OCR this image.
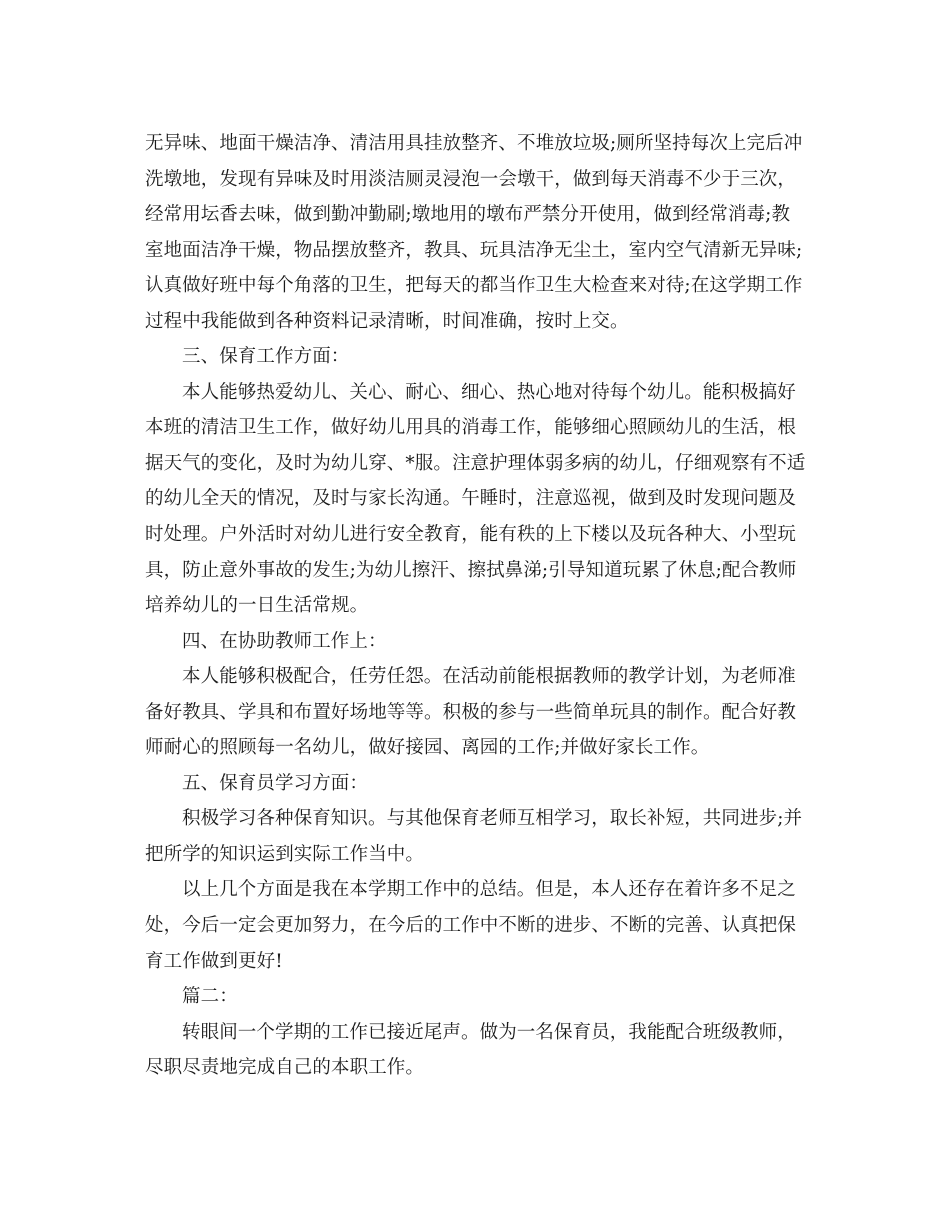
无异味、地面干燥洁净、清洁用具挂放整齐、不堆放垃圾;厕所坚持每次上完后冲
洗墩地，发现有异味及时用淡洁厕灵浸泡一会墩干，做到每天消毒不少于三次，
经常用坛香去味，做到勤冲勤刷;墩地用的墩布严禁分开使用，做到经常消毒;教
室地面洁净干燥，物品摆放整齐，教具、玩具洁净无尘土，室内空气清新无异味;
认真做好班中每个角落的卫生，把每天的都当作卫生大检查来对待;在这学期工作
过程中我能做到各种资料记录清晰，时间准确，按时上交。
三、保育工作方面：
本人能够热爱幼儿、关心、耐心、细心、热心地对待每个幼儿。能积极搞好
本班的清洁卫生工作，做好幼儿用具的消毒工作，能够细心照顾幼儿的生活，根
据天气的变化，及时为幼儿穿、*服。注意护理体弱多病的幼儿，仔细观察有不适
的幼儿全天的情况，及时与家长沟通。午睡时，注意巡视，做到及时发现问题及
时处理。户外活时对幼儿进行安全教育，能有秩的上下楼以及玩各种大、小型玩
具，防止意外事故的发生;为幼儿擦汗、擦拭鼻涕;引导知道玩累了休息;配合教师
培养幼儿的一日生活常规。
四、在协助教师工作上：
本人能够积极配合，任劳任怨。在活动前能根据教师的教学计划，为老师准
备好教具、学具和布置好场地等等。积极的参与一些简单玩具的制作。配合好教
师耐心的照顾每一名幼儿，做好接园、离园的工作;并做好家长工作。
五、保育员学习方面：
积极学习各种保育知识。与其他保育老师互相学习，取长补短，共同进步;并
把所学的知识运到实际工作当中。
以上几个方面是我在本学期工作中的总结。但是，本人还存在着许多不足之
处，今后一定会更加努力，在今后的工作中不断的进步、不断的完善、认真把保
育工作做到更好!
篇二：
转眼间一个学期的工作已接近尾声。做为一名保育员，我能配合班级教师，
尽职尽责地完成自己的本职工作。
